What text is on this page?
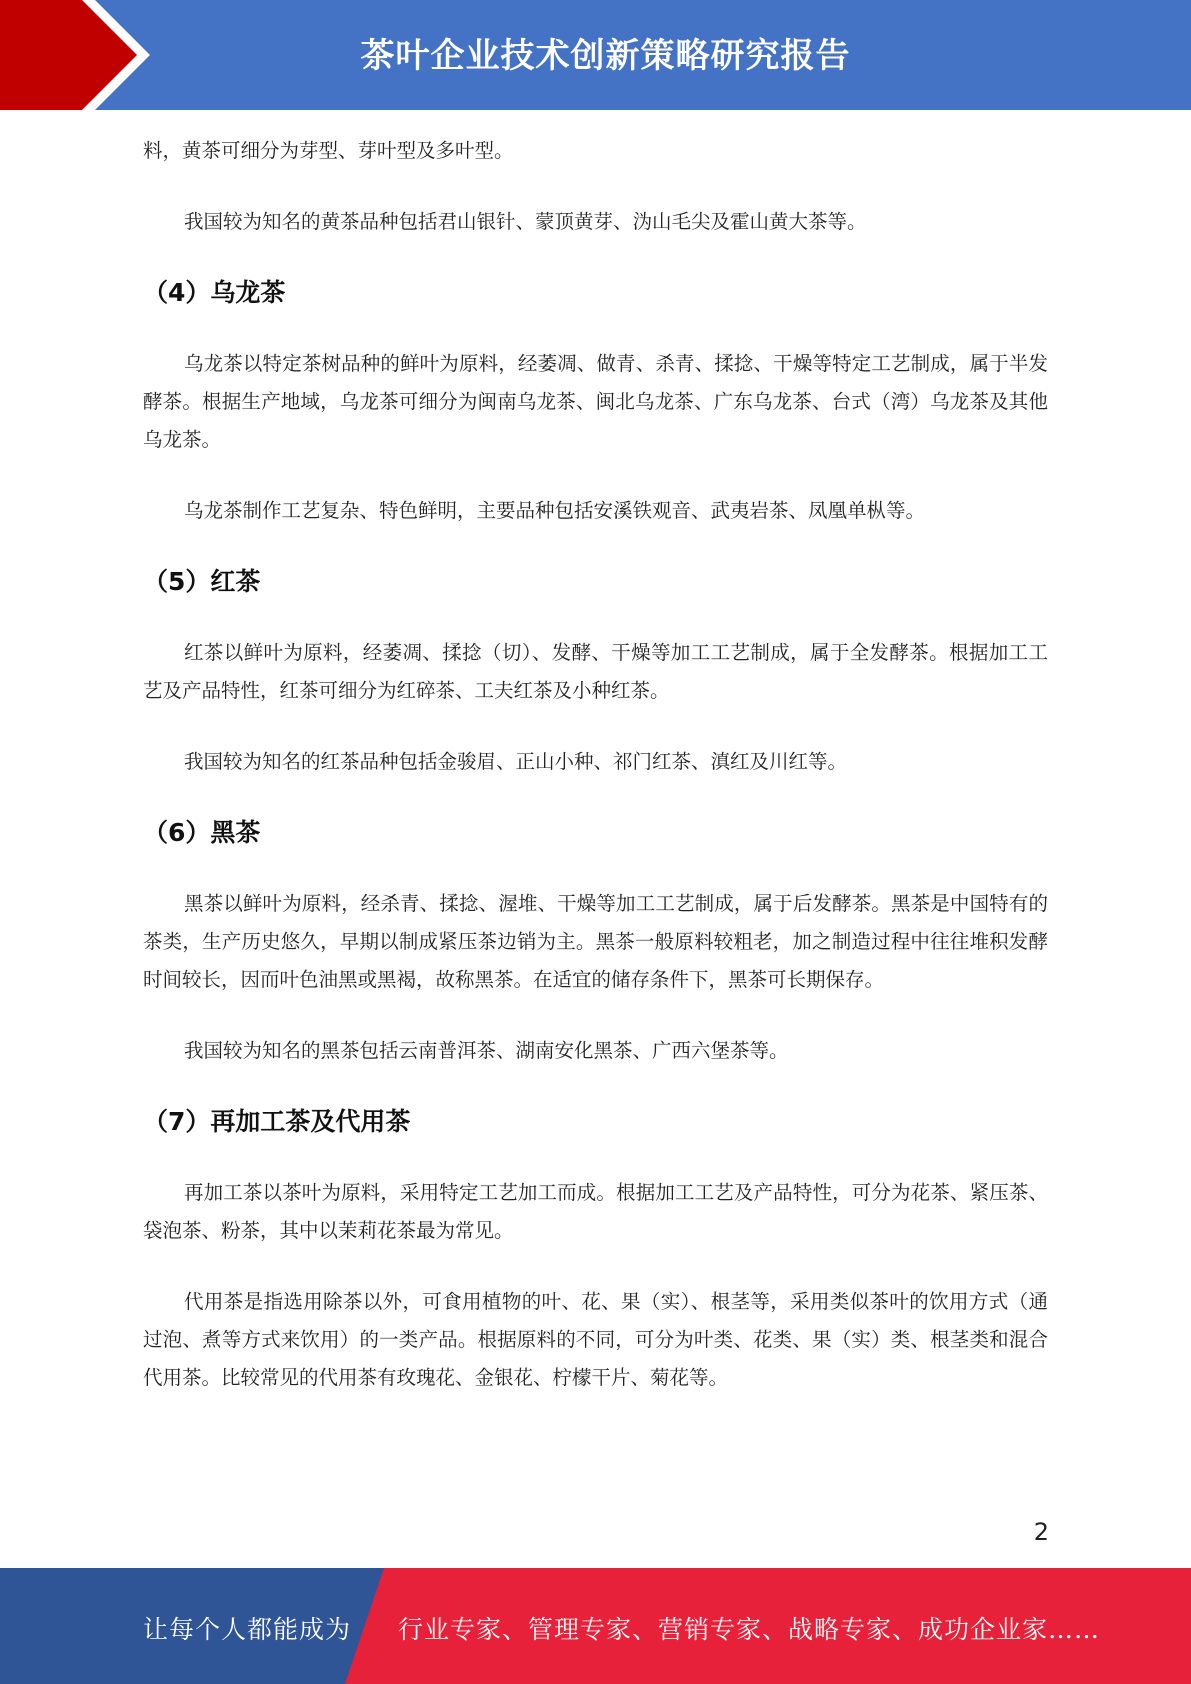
茶叶企业技术创新策略研究报告

料，黄茶可细分为芽型、芽叶型及多叶型。

我国较为知名的黄茶品种包括君山银针、蒙顶黄芽、沩山毛尖及霍山黄大茶等。

（4）乌龙茶

乌龙茶以特定茶树品种的鲜叶为原料，经萎凋、做青、杀青、揉捻、干燥等特定工艺制成，属于半发酵茶。根据生产地域，乌龙茶可细分为闽南乌龙茶、闽北乌龙茶、广东乌龙茶、台式（湾）乌龙茶及其他乌龙茶。

乌龙茶制作工艺复杂、特色鲜明，主要品种包括安溪铁观音、武夷岩茶、凤凰单枞等。

（5）红茶

红茶以鲜叶为原料，经萎凋、揉捻（切）、发酵、干燥等加工工艺制成，属于全发酵茶。根据加工工艺及产品特性，红茶可细分为红碎茶、工夫红茶及小种红茶。

我国较为知名的红茶品种包括金骏眉、正山小种、祁门红茶、滇红及川红等。

（6）黑茶

黑茶以鲜叶为原料，经杀青、揉捻、渥堆、干燥等加工工艺制成，属于后发酵茶。黑茶是中国特有的茶类，生产历史悠久，早期以制成紧压茶边销为主。黑茶一般原料较粗老，加之制造过程中往往堆积发酵时间较长，因而叶色油黑或黑褐，故称黑茶。在适宜的储存条件下，黑茶可长期保存。

我国较为知名的黑茶包括云南普洱茶、湖南安化黑茶、广西六堡茶等。

（7）再加工茶及代用茶

再加工茶以茶叶为原料，采用特定工艺加工而成。根据加工工艺及产品特性，可分为花茶、紧压茶、袋泡茶、粉茶，其中以茉莉花茶最为常见。

代用茶是指选用除茶以外，可食用植物的叶、花、果（实）、根茎等，采用类似茶叶的饮用方式（通过泡、煮等方式来饮用）的一类产品。根据原料的不同，可分为叶类、花类、果（实）类、根茎类和混合代用茶。比较常见的代用茶有玫瑰花、金银花、柠檬干片、菊花等。

2
让每个人都能成为 行业专家、管理专家、营销专家、战略专家、成功企业家……
